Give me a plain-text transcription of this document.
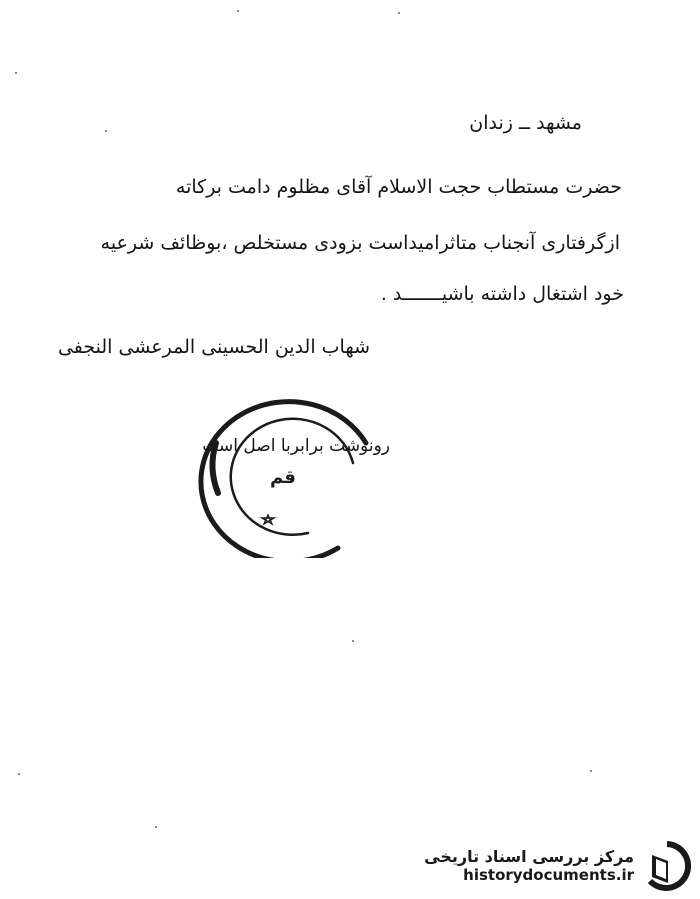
مشهد ــ زندان
حضرت مستطاب حجت الاسلام آقای مظلوم دامت برکاته
ازگرفتاری آنجناب متاثرامیداست بزودی مستخلص ،بوظائف شرعیه
خود اشتغال داشته باشیـــــــد .
شهاب الدین الحسینی المرعشی النجفی
قم
رونوشت برابربا اصل است
مرکز بررسی اسناد تاریخی
historydocuments.ir
